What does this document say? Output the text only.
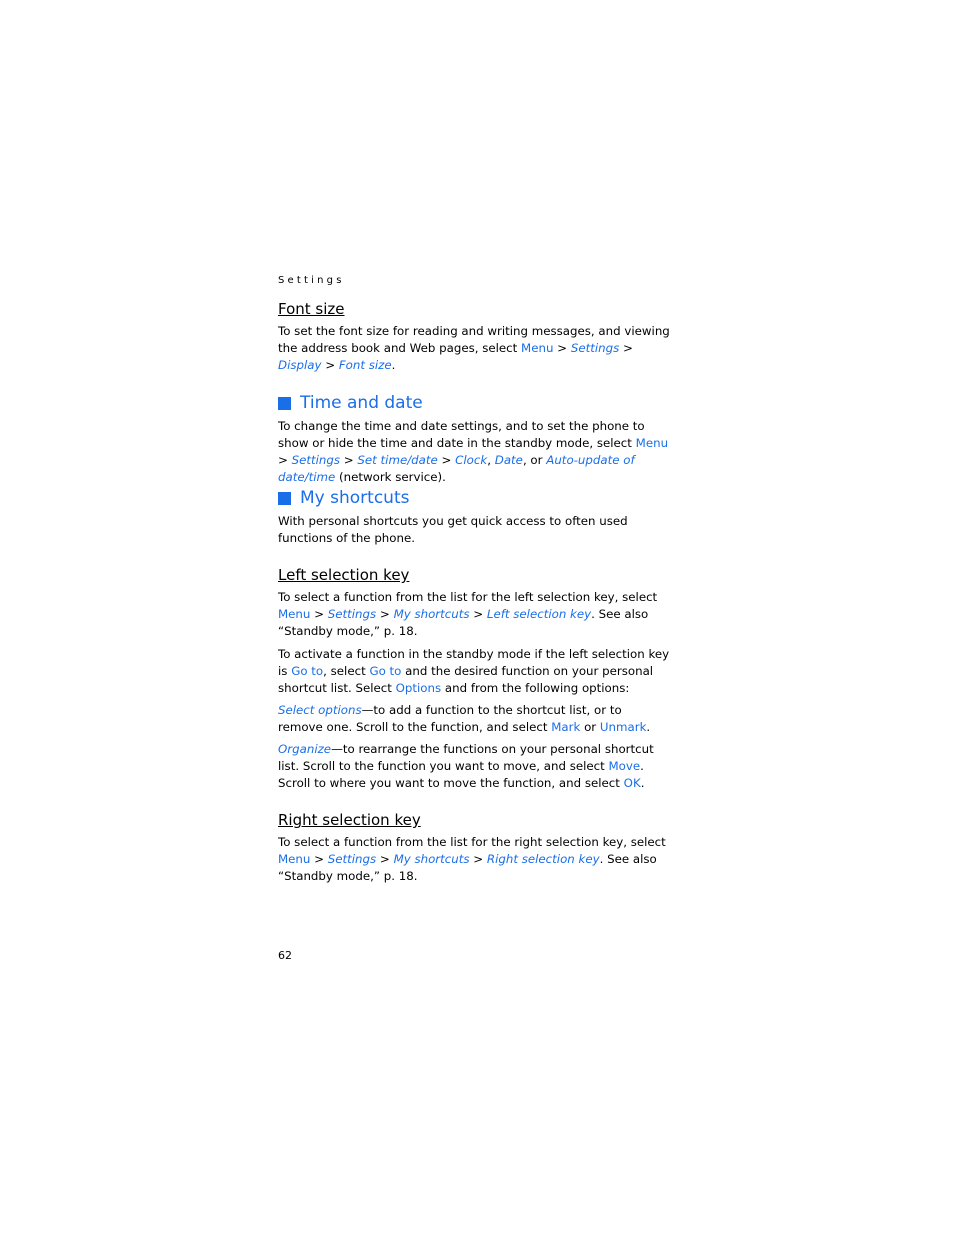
Settings
Font size
To set the font size for reading and writing messages, and viewing the address book and Web pages, select Menu > Settings > Display > Font size.
Time and date
To change the time and date settings, and to set the phone to show or hide the time and date in the standby mode, select Menu > Settings > Set time/date > Clock, Date, or Auto-update of date/time (network service).
My shortcuts
With personal shortcuts you get quick access to often used functions of the phone.
Left selection key
To select a function from the list for the left selection key, select Menu > Settings > My shortcuts > Left selection key. See also “Standby mode,” p. 18.
To activate a function in the standby mode if the left selection key is Go to, select Go to and the desired function on your personal shortcut list. Select Options and from the following options:
Select options—to add a function to the shortcut list, or to remove one. Scroll to the function, and select Mark or Unmark.
Organize—to rearrange the functions on your personal shortcut list. Scroll to the function you want to move, and select Move. Scroll to where you want to move the function, and select OK.
Right selection key
To select a function from the list for the right selection key, select Menu > Settings > My shortcuts > Right selection key. See also “Standby mode,” p. 18.
62
